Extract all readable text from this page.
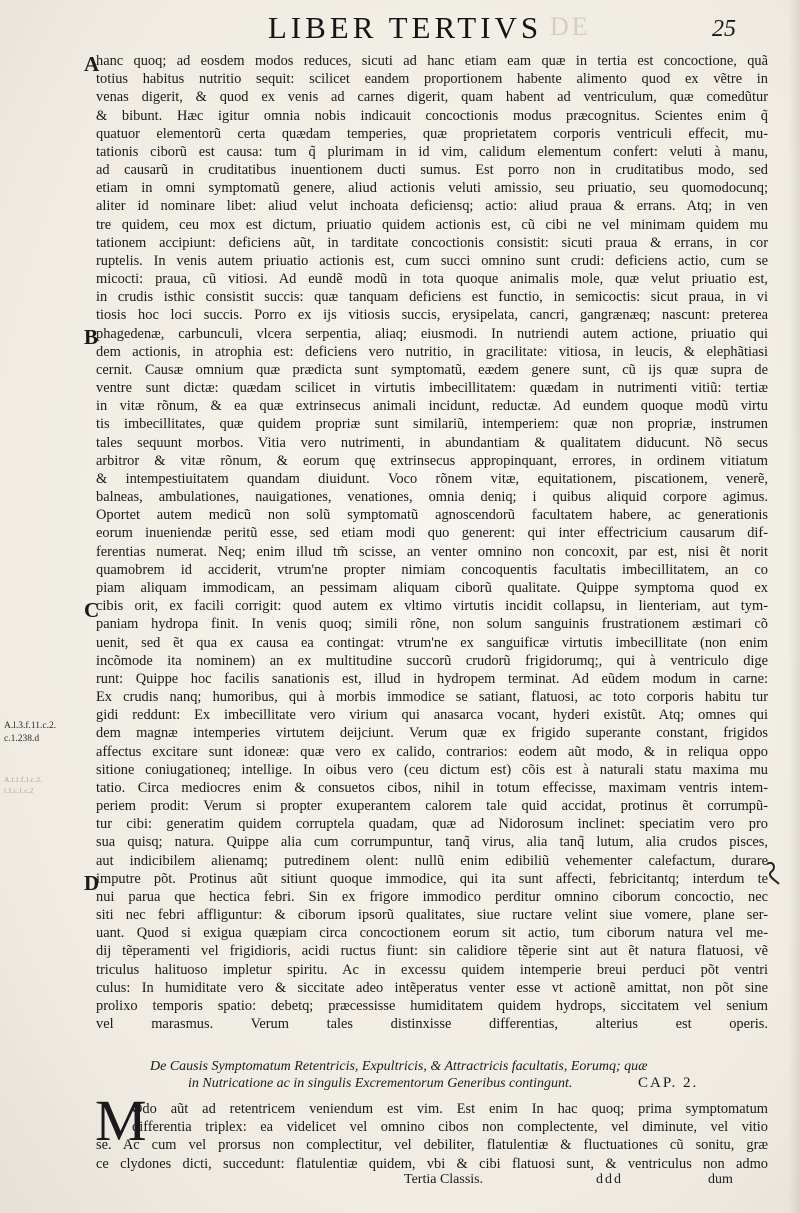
LIBER TERTIVS DE	25
A
B
C
D
A.l.3.f.11.c.2.
c.1.238.d
A.l.1.f.1.c.3.
l.1.c.1.c.2
hanc quoq; ad eosdem modos reduces, sicuti ad hanc etiam eam quæ in tertia est concoctione, quã
totius habitus nutritio sequit: scilicet eandem proportionem habente alimento quod ex vẽtre in
venas digerit, & quod ex venis ad carnes digerit, quam habent ad ventriculum, quæ comedũtur
& bibunt. Hæc igitur omnia nobis indicauit concoctionis modus præcognitus. Scientes enim q̃
quatuor elementorũ certa quædam temperies, quæ proprietatem corporis ventriculi effecit, mu-
tationis ciborũ est causa: tum q̃ plurimam in id vim, calidum elementum confert: veluti à manu,
ad causarũ in cruditatibus inuentionem ducti sumus. Est porro non in cruditatibus modo, sed
etiam in omni symptomatũ genere, aliud actionis veluti amissio, seu priuatio, seu quomodocunq;
aliter id nominare libet: aliud velut inchoata deficiensq; actio: aliud praua & errans. Atq; in ven
tre quidem, ceu mox est dictum, priuatio quidem actionis est, cũ cibi ne vel minimam quidem mu
tationem accipiunt: deficiens aũt, in tarditate concoctionis consistit: sicuti praua & errans, in cor
ruptelis. In venis autem priuatio actionis est, cum succi omnino sunt crudi: deficiens actio, cum se
micocti: praua, cũ vitiosi. Ad eundẽ modũ in tota quoque animalis mole, quæ velut priuatio est,
in crudis isthic consistit succis: quæ tanquam deficiens est functio, in semicoctis: sicut praua, in vi
tiosis hoc loci succis. Porro ex ijs vitiosis succis, erysipelata, cancri, gangrænæq; nascunt: preterea
phagedenæ, carbunculi, vlcera serpentia, aliaq; eiusmodi. In nutriendi autem actione, priuatio qui
dem actionis, in atrophia est: deficiens vero nutritio, in gracilitate: vitiosa, in leucis, & elephãtiasi
cernit. Causæ omnium quæ prædicta sunt symptomatũ, eædem genere sunt, cũ ijs quæ supra de
ventre sunt dictæ: quædam scilicet in virtutis imbecillitatem: quædam in nutrimenti vitiũ: tertiæ
in vitæ rõnum, & ea quæ extrinsecus animali incidunt, reductæ. Ad eundem quoque modũ virtu
tis imbecillitates, quæ quidem propriæ sunt similariũ, intemperiem: quæ non propriæ, instrumen
tales sequunt morbos. Vitia vero nutrimenti, in abundantiam & qualitatem diducunt. Nõ secus
arbitror & vitæ rõnum, & eorum quę extrinsecus appropinquant, errores, in ordinem vitiatum
& intempestiuitatem quandam diuidunt. Voco rõnem vitæ, equitationem, piscationem, venerẽ,
balneas, ambulationes, nauigationes, venationes, omnia deniq; i quibus aliquid corpore agimus.
Oportet autem medicũ non solũ symptomatũ agnoscendorũ facultatem habere, ac generationis
eorum inueniendæ peritũ esse, sed etiam modi quo generent: qui inter effectricium causarum dif-
ferentias numerat. Neq; enim illud tm̃ scisse, an venter omnino non concoxit, par est, nisi ẽt norit
quamobrem id acciderit, vtrum'ne propter nimiam concoquentis facultatis imbecillitatem, an co
piam aliquam immodicam, an pessimam aliquam ciborũ qualitate. Quippe symptoma quod ex
cibis orit, ex facili corrigit: quod autem ex vltimo virtutis incidit collapsu, in lienteriam, aut tym-
paniam hydropa finit. In venis quoq; simili rõne, non solum sanguinis frustrationem æstimari cõ
uenit, sed ẽt qua ex causa ea contingat: vtrum'ne ex sanguificæ virtutis imbecillitate (non enim
incõmode ita nominem) an ex multitudine succorũ crudorũ frigidorumq;, qui à ventriculo dige
runt: Quippe hoc facilis sanationis est, illud in hydropem terminat. Ad eũdem modum in carne:
Ex crudis nanq; humoribus, qui à morbis immodice se satiant, flatuosi, ac toto corporis habitu tur
gidi reddunt: Ex imbecillitate vero virium qui anasarca vocant, hyderi existũt. Atq; omnes qui
dem magnæ intemperies virtutem deijciunt. Verum quæ ex frigido superante constant, frigidos
affectus excitare sunt idoneæ: quæ vero ex calido, contrarios: eodem aũt modo, & in reliqua oppo
sitione coniugationeq; intellige. In oibus vero (ceu dictum est) cõis est à naturali statu maxima mu
tatio. Circa mediocres enim & consuetos cibos, nihil in totum effecisse, maximam ventris intem-
periem prodit: Verum si propter exuperantem calorem tale quid accidat, protinus ẽt corrumpũ-
tur cibi: generatim quidem corruptela quadam, quæ ad Nidorosum inclinet: speciatim vero pro
sua quisq; natura. Quippe alia cum corrumpuntur, tanq̃ virus, alia tanq̃ lutum, alia crudos pisces,
aut indicibilem alienamq; putredinem olent: nullũ enim edibiliũ vehementer calefactum, durare
imputre põt. Protinus aũt sitiunt quoque immodice, qui ita sunt affecti, febricitantq; interdum te
nui parua que hectica febri. Sin ex frigore immodico perditur omnino ciborum concoctio, nec
siti nec febri affliguntur: & ciborum ipsorũ qualitates, siue ructare velint siue vomere, plane ser-
uant. Quod si exigua quæpiam circa concoctionem eorum sit actio, tum ciborum natura vel me-
dij tẽperamenti vel frigidioris, acidi ructus fiunt: sin calidiore tẽperie sint aut ẽt natura flatuosi, vẽ
triculus halituoso impletur spiritu. Ac in excessu quidem intemperie breui perduci põt ventri
culus: In humiditate vero & siccitate adeo intẽperatus venter esse vt actionẽ amittat, non põt sine
prolixo temporis spatio: debetq; præcessisse humiditatem quidem hydrops, siccitatem vel senium
vel marasmus. Verum tales distinxisse differentias, alterius est operis.
De Causis Symptomatum Retentricis, Expultricis, & Attractricis facultatis, Eorumq; quæ
in Nutricatione ac in singulis Excrementorum Generibus contingunt.	CAP. 2.
M
Odo aũt ad retentricem veniendum est vim. Est enim In hac quoq; prima symptomatum
differentia triplex: ea videlicet vel omnino cibos non complectente, vel diminute, vel vitio
se. Ac cum vel prorsus non complectitur, vel debiliter, flatulentiæ & fluctuationes cũ sonitu, græ
ce clydones dicti, succedunt: flatulentiæ quidem, vbi & cibi flatuosi sunt, & ventriculus non admo
Tertia Classis.	ddd	dum
